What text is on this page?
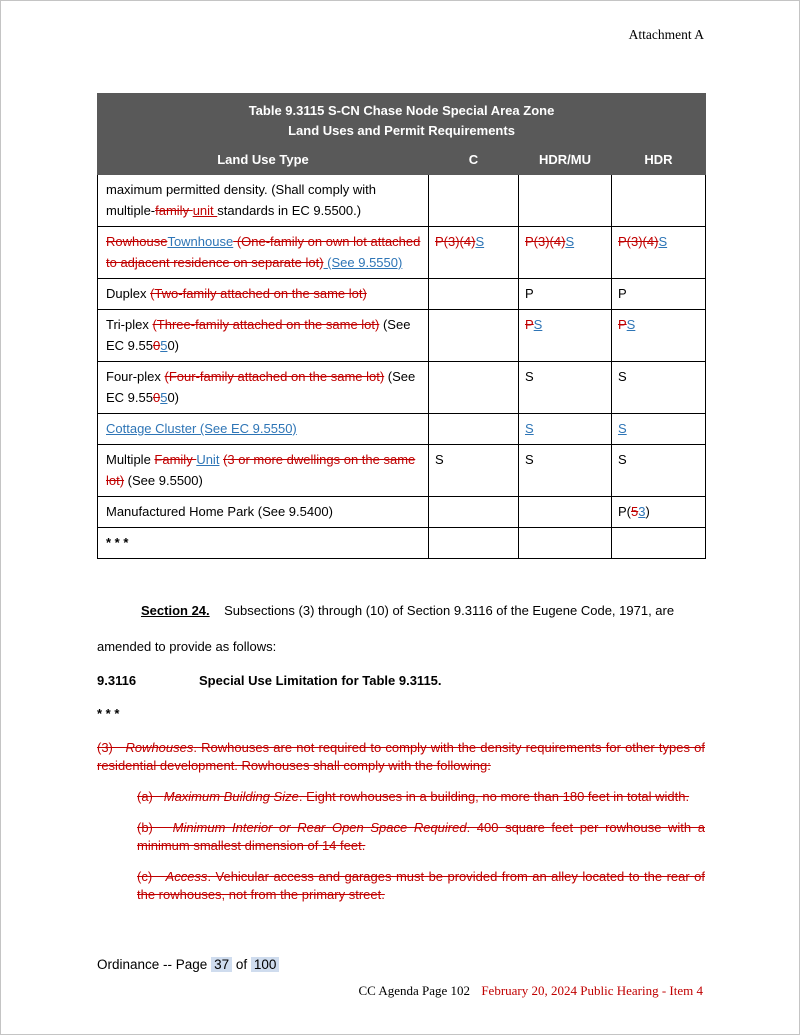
Attachment A
Table 9.3115 S-CN Chase Node Special Area Zone
Land Uses and Permit Requirements			

Land Use Type	C	HDR/MU	HDR
maximum permitted density. (Shall comply with multiple-family unit standards in EC 9.5500.)			
RowhouseTownhouse (One-family on own lot attached to adjacent residence on separate lot) (See 9.5550)	P(3)(4)S	P(3)(4)S	P(3)(4)S
Duplex (Two-family attached on the same lot)		P	P
Tri-plex (Three-family attached on the same lot) (See EC 9.55050)		PS	PS
Four-plex (Four-family attached on the same lot) (See EC 9.55050)		S	S
Cottage Cluster (See EC 9.5550)		S	S
Multiple Family Unit (3 or more dwellings on the same lot) (See 9.5500)	S	S	S
Manufactured Home Park (See 9.5400)			P(53)
* * *			

Section 24.    Subsections (3) through (10) of Section 9.3116 of the Eugene Code, 1971, are amended to provide as follows:

9.3116	Special Use Limitation for Table 9.3115.

* * *

(3)   Rowhouses. Rowhouses are not required to comply with the density requirements for other types of residential development. Rowhouses shall comply with the following:

(a)   Maximum Building Size. Eight rowhouses in a building, no more than 180 feet in total width.

(b)   Minimum Interior or Rear Open Space Required. 400 square feet per rowhouse with a minimum smallest dimension of 14 feet.

(c)   Access. Vehicular access and garages must be provided from an alley located to the rear of the rowhouses, not from the primary street.

Ordinance -- Page 37 of 100
CC Agenda Page 102 February 20, 2024 Public Hearing - Item 4
